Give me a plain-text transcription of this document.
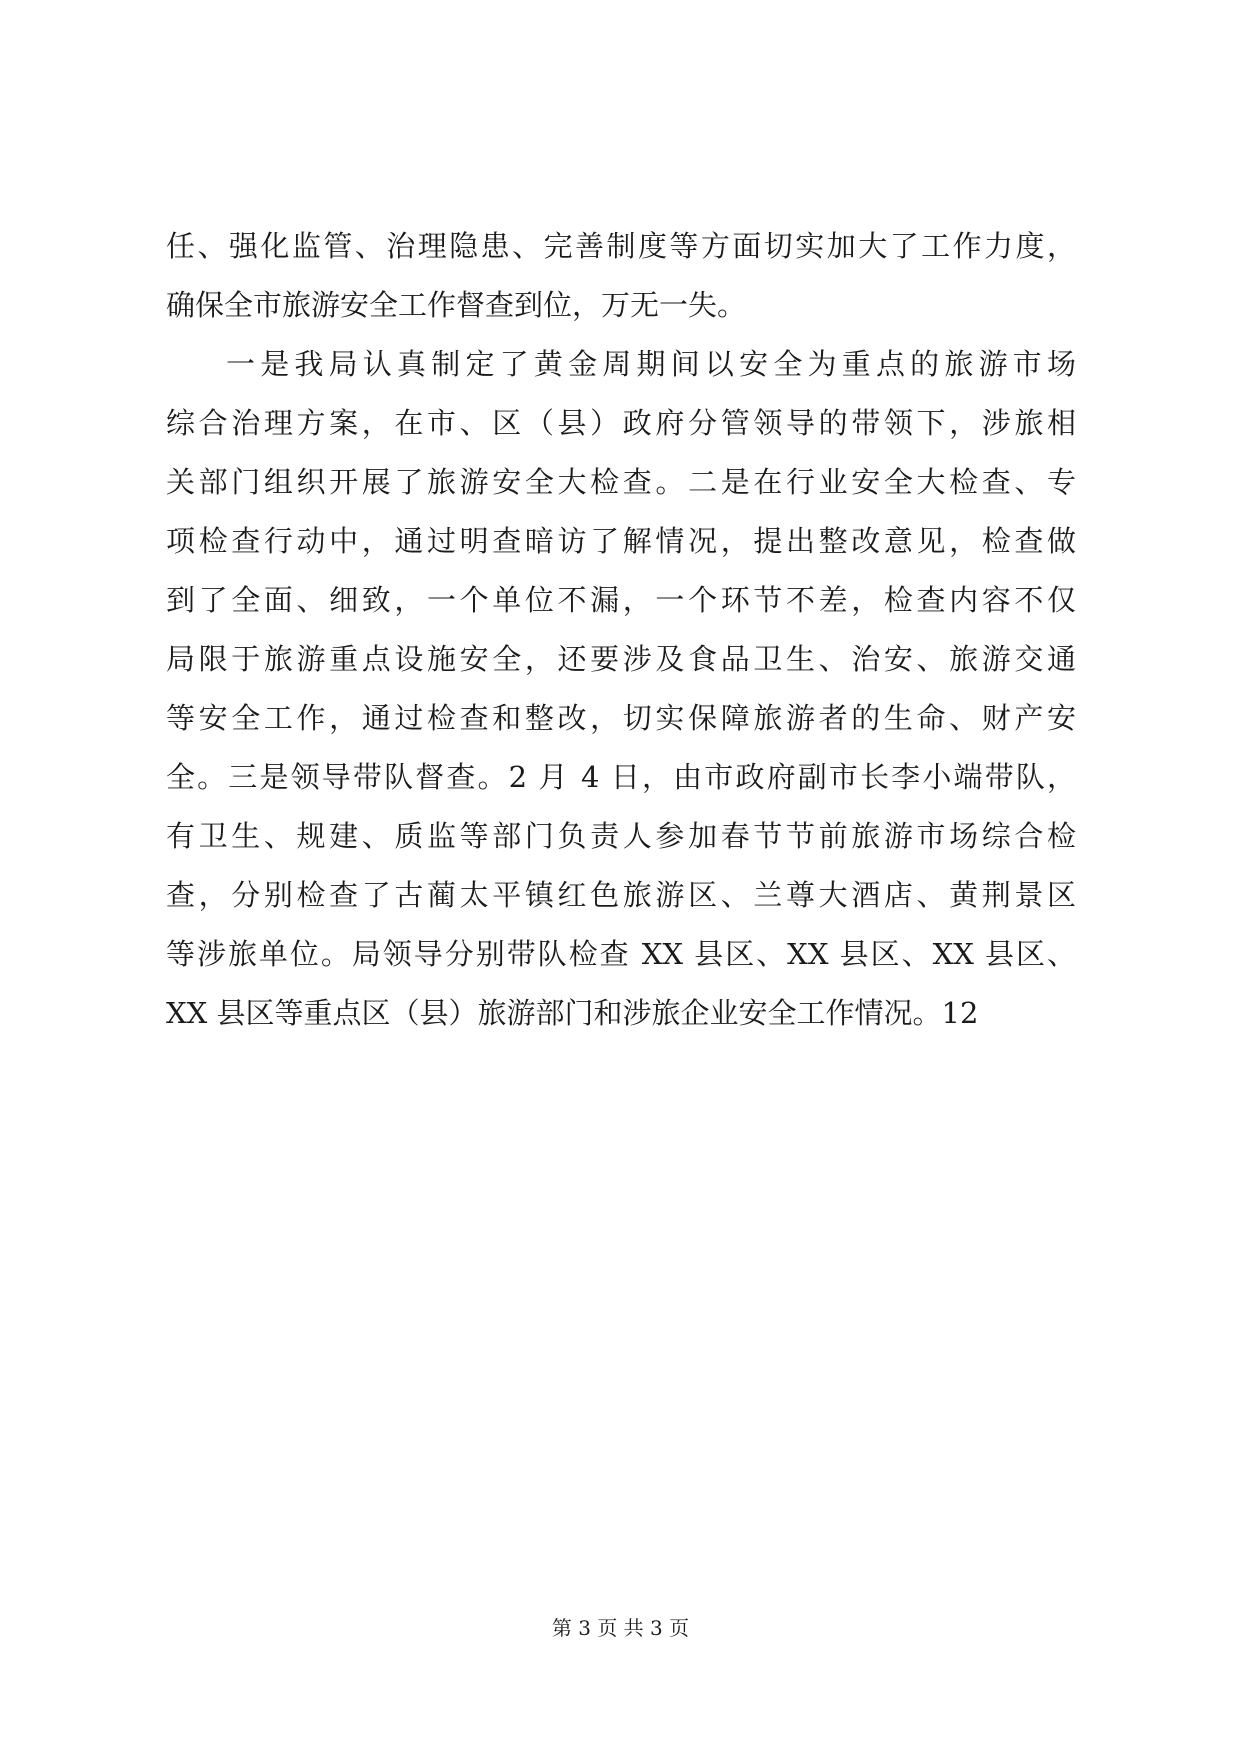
任、强化监管、治理隐患、完善制度等方面切实加大了工作力度，
确保全市旅游安全工作督查到位，万无一失。
一是我局认真制定了黄金周期间以安全为重点的旅游市场
综合治理方案，在市、区（县）政府分管领导的带领下，涉旅相
关部门组织开展了旅游安全大检查。二是在行业安全大检查、专
项检查行动中，通过明查暗访了解情况，提出整改意见，检查做
到了全面、细致，一个单位不漏，一个环节不差，检查内容不仅
局限于旅游重点设施安全，还要涉及食品卫生、治安、旅游交通
等安全工作，通过检查和整改，切实保障旅游者的生命、财产安
全。三是领导带队督查。2 月 4 日，由市政府副市长李小端带队，
有卫生、规建、质监等部门负责人参加春节节前旅游市场综合检
查，分别检查了古蔺太平镇红色旅游区、兰尊大酒店、黄荆景区
等涉旅单位。局领导分别带队检查 XX 县区、XX 县区、XX 县区、
XX 县区等重点区（县）旅游部门和涉旅企业安全工作情况。12
第 3 页 共 3 页
